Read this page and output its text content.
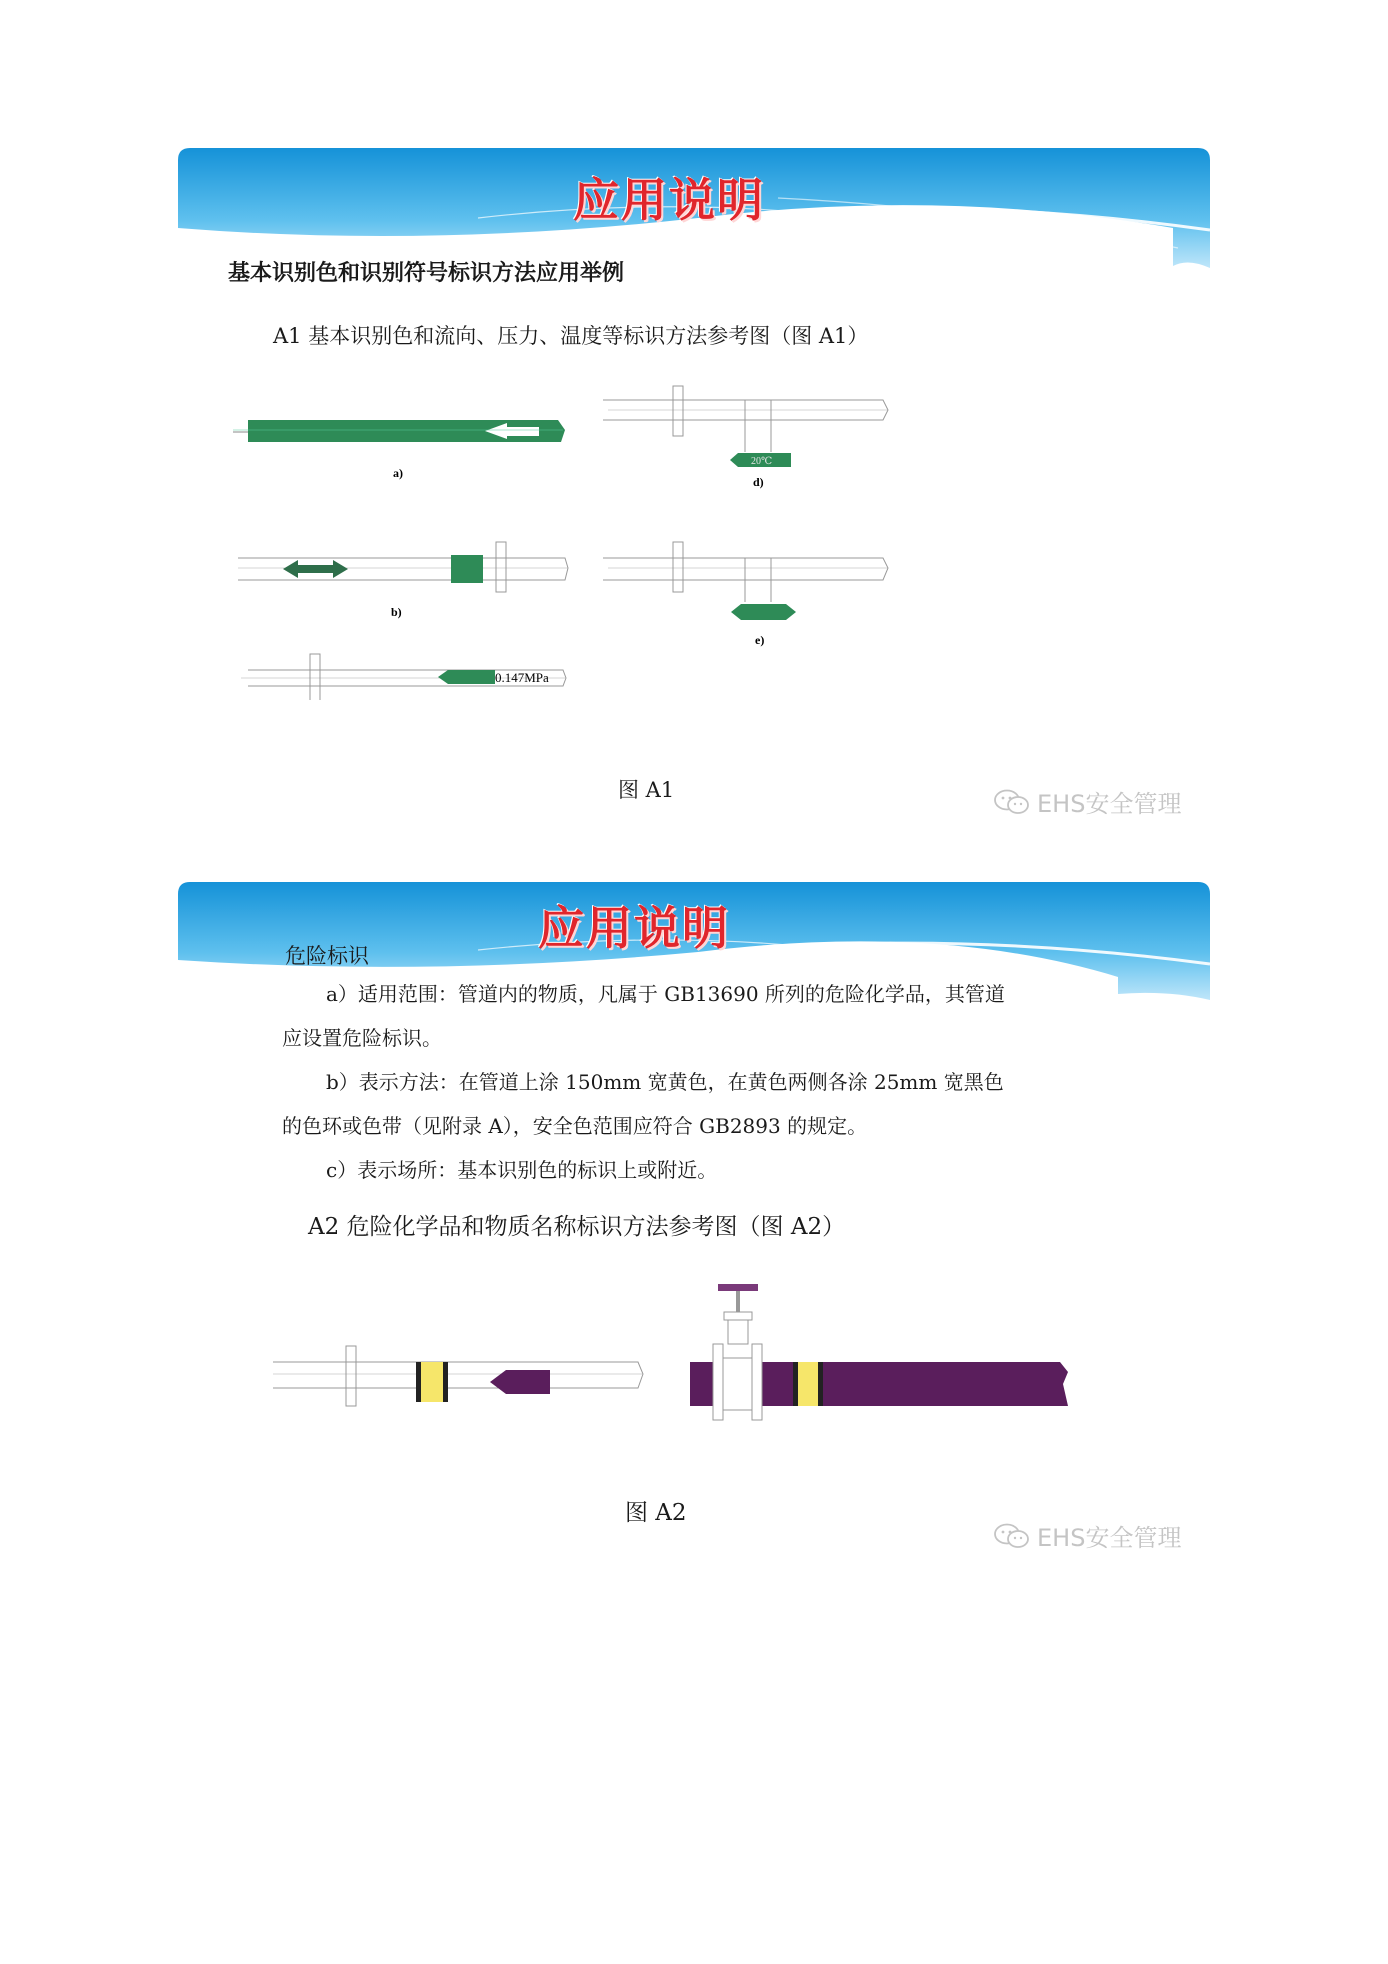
应用说明
基本识别色和识别符号标识方法应用举例
A1 基本识别色和流向、压力、温度等标识方法参考图（图 A1）
a)
b)
0.147MPa
20℃
d)
e)
图 A1	EHS安全管理
应用说明
危险标识
a）适用范围：管道内的物质，凡属于 GB13690 所列的危险化学品，其管道
应设置危险标识。
b）表示方法：在管道上涂 150mm 宽黄色，在黄色两侧各涂 25mm 宽黑色
的色环或色带（见附录 A），安全色范围应符合 GB2893 的规定。
c）表示场所：基本识别色的标识上或附近。
A2 危险化学品和物质名称标识方法参考图（图 A2）
图 A2
EHS安全管理
